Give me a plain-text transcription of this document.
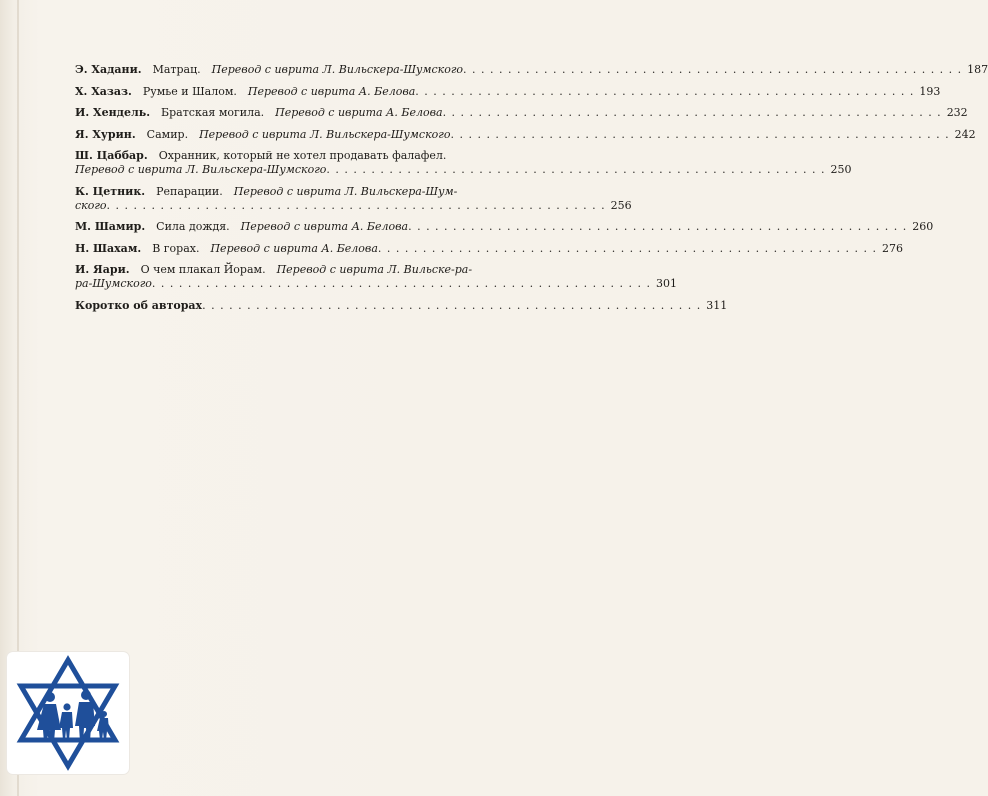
Э. Хадани. Матрац. Перевод с иврита Л. Вильскера-Шумского . . .	187
Х. Хазаз. Румье и Шалом. Перевод с иврита А. Белова . . .	193
И. Хендель. Братская могила. Перевод с иврита А. Белова . . .	232
Я. Хурин. Самир. Перевод с иврита Л. Вильскера-Шумского . . .	242
Ш. Цаббар. Охранник, который не хотел продавать фалафел.
Перевод с иврита Л. Вильскера-Шумского . . .	250
К. Цетник. Репарации. Перевод с иврита Л. Вильскера-Шум-
ского . . .	256
М. Шамир. Сила дождя. Перевод с иврита А. Белова . . .	260
Н. Шахам. В горах. Перевод с иврита А. Белова . . .	276
И. Яари. О чем плакал Йорам. Перевод с иврита Л. Вильске-ра-
ра-Шумского . . .	301
Коротко об авторах . . .	311
